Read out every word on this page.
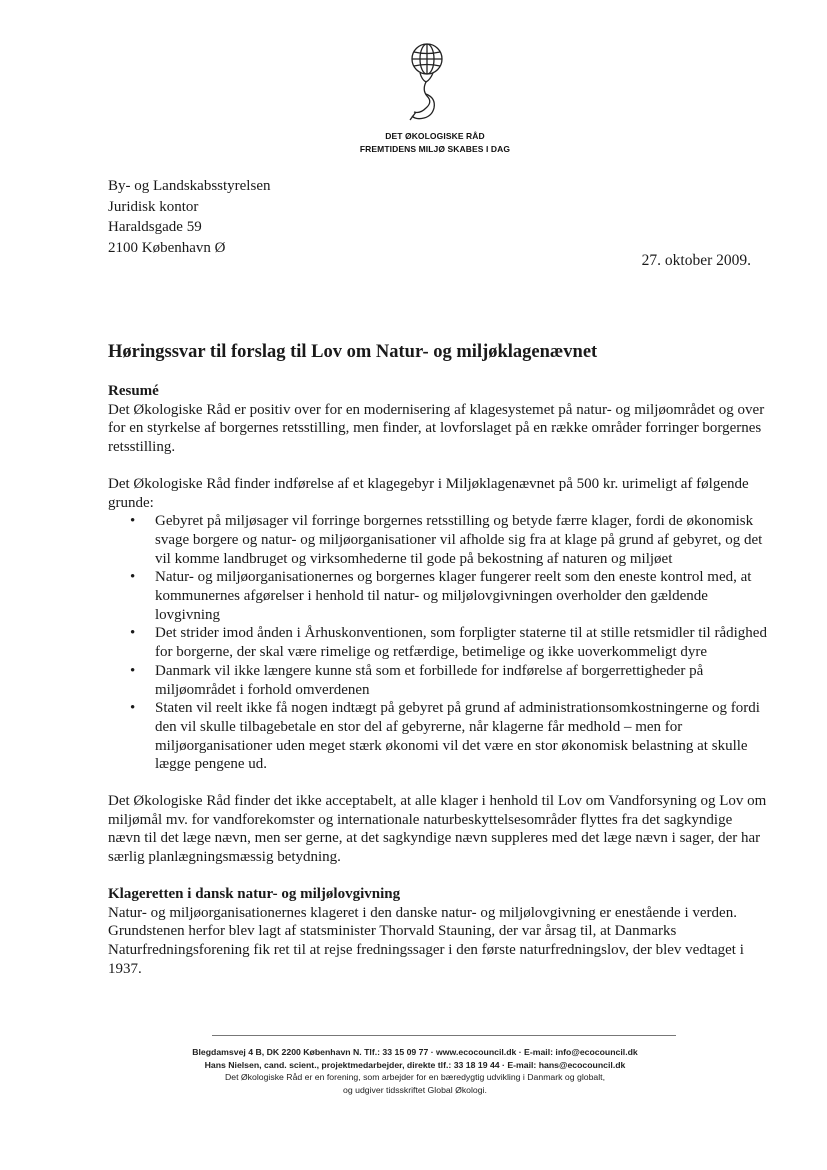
DET ØKOLOGISKE RÅD
FREMTIDENS MILJØ SKABES I DAG
By- og Landskabsstyrelsen
Juridisk kontor
Haraldsgade 59
2100 København Ø
27. oktober 2009.
Høringssvar til forslag til Lov om Natur- og miljøklagenævnet
Resumé

Det Økologiske Råd er positiv over for en modernisering af klagesystemet på natur- og miljøområdet og over for en styrkelse af borgernes retsstilling, men finder, at lovforslaget på en række områder forringer borgernes retsstilling.

Det Økologiske Råd finder indførelse af et klagegebyr i Miljøklagenævnet på 500 kr. urimeligt af følgende grunde:

• Gebyret på miljøsager vil forringe borgernes retsstilling og betyde færre klager, fordi de økonomisk svage borgere og natur- og miljøorganisationer vil afholde sig fra at klage på grund af gebyret, og det vil komme landbruget og virksomhederne til gode på bekostning af naturen og miljøet
• Natur- og miljøorganisationernes og borgernes klager fungerer reelt som den eneste kontrol med, at kommunernes afgørelser i henhold til natur- og miljølovgivningen overholder den gældende lovgivning
• Det strider imod ånden i Århuskonventionen, som forpligter staterne til at stille retsmidler til rådighed for borgerne, der skal være rimelige og retfærdige, betimelige og ikke uoverkommeligt dyre
• Danmark vil ikke længere kunne stå som et forbillede for indførelse af borgerrettigheder på miljøområdet i forhold omverdenen
• Staten vil reelt ikke få nogen indtægt på gebyret på grund af administrationsomkostningerne og fordi den vil skulle tilbagebetale en stor del af gebyrerne, når klagerne får medhold – men for miljøorganisationer uden meget stærk økonomi vil det være en stor økonomisk belastning at skulle lægge pengene ud.

Det Økologiske Råd finder det ikke acceptabelt, at alle klager i henhold til Lov om Vandforsyning og Lov om miljømål mv. for vandforekomster og internationale naturbeskyttelsesområder flyttes fra det sagkyndige nævn til det læge nævn, men ser gerne, at det sagkyndige nævn suppleres med det læge nævn i sager, der har særlig planlægningsmæssig betydning.

Klageretten i dansk natur- og miljølovgivning

Natur- og miljøorganisationernes klageret i den danske natur- og miljølovgivning er enestående i verden. Grundstenen herfor blev lagt af statsminister Thorvald Stauning, der var årsag til, at Danmarks Naturfredningsforening fik ret til at rejse fredningssager i den første naturfredningslov, der blev vedtaget i 1937.

Blegdamsvej 4 B, DK 2200 København N. Tlf.: 33 15 09 77 · www.ecocouncil.dk · E-mail: info@ecocouncil.dk
Hans Nielsen, cand. scient., projektmedarbejder, direkte tlf.: 33 18 19 44 · E-mail: hans@ecocouncil.dk
Det Økologiske Råd er en forening, som arbejder for en bæredygtig udvikling i Danmark og globalt,
og udgiver tidsskriftet Global Økologi.
